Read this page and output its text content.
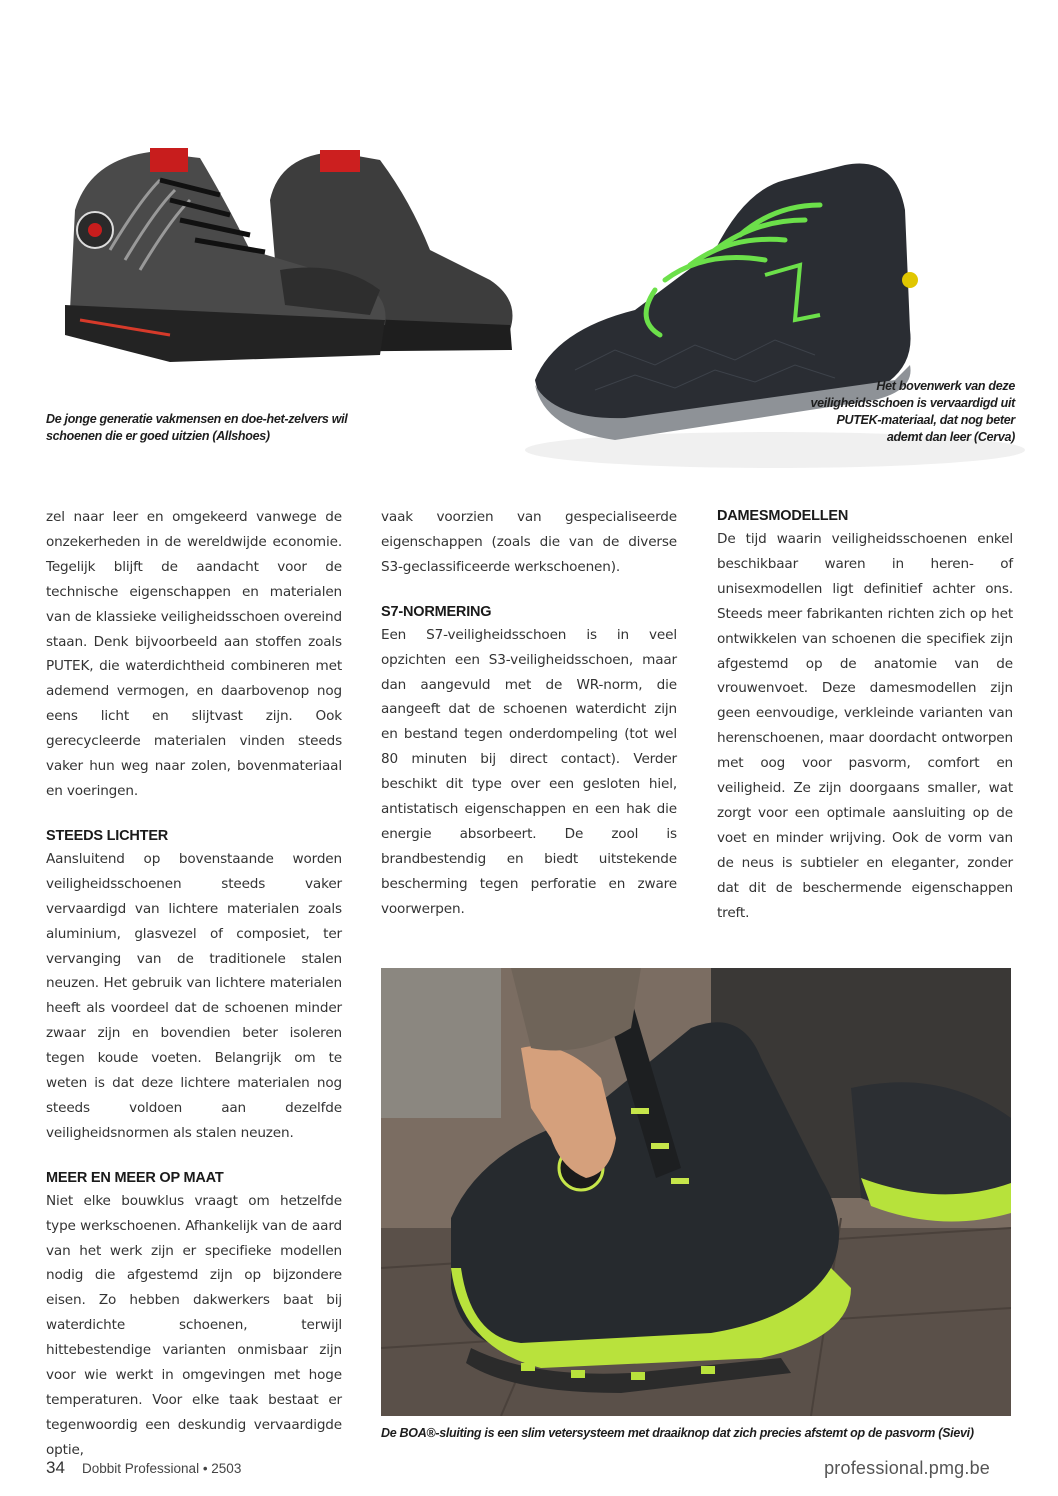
De jonge generatie vakmensen en doe-het-zelvers wil schoenen die er goed uitzien (Allshoes)
Het bovenwerk van deze veiligheidsschoen is vervaardigd uit PUTEK-materiaal, dat nog beter ademt dan leer (Cerva)

zel naar leer en omgekeerd vanwege de onzekerheden in de wereldwijde economie. Tegelijk blijft de aandacht voor de technische eigenschappen en materialen van de klassieke veiligheidsschoen overeind staan. Denk bijvoorbeeld aan stoffen zoals PUTEK, die waterdichtheid combineren met ademend vermogen, en daarbovenop nog eens licht en slijtvast zijn. Ook gerecycleerde materialen vinden steeds vaker hun weg naar zolen, bovenmateriaal en voeringen.

STEEDS LICHTER

Aansluitend op bovenstaande worden veiligheidsschoenen steeds vaker vervaardigd van lichtere materialen zoals aluminium, glasvezel of composiet, ter vervanging van de traditionele stalen neuzen. Het gebruik van lichtere materialen heeft als voordeel dat de schoenen minder zwaar zijn en bovendien beter isoleren tegen koude voeten. Belangrijk om te weten is dat deze lichtere materialen nog steeds voldoen aan dezelfde veiligheidsnormen als stalen neuzen.

MEER EN MEER OP MAAT

Niet elke bouwklus vraagt om hetzelfde type werkschoenen. Afhankelijk van de aard van het werk zijn er specifieke modellen nodig die afgestemd zijn op bijzondere eisen. Zo hebben dakwerkers baat bij waterdichte schoenen, terwijl hittebestendige varianten onmisbaar zijn voor wie werkt in omgevingen met hoge temperaturen. Voor elke taak bestaat er tegenwoordig een deskundig vervaardigde optie,

vaak voorzien van gespecialiseerde eigenschappen (zoals die van de diverse S3-geclassificeerde werkschoenen).

S7-NORMERING

Een S7-veiligheidsschoen is in veel opzichten een S3-veiligheidsschoen, maar dan aangevuld met de WR-norm, die aangeeft dat de schoenen waterdicht zijn en bestand tegen onderdompeling (tot wel 80 minuten bij direct contact). Verder beschikt dit type over een gesloten hiel, antistatisch eigenschappen en een hak die energie absorbeert. De zool is brandbestendig en biedt uitstekende bescherming tegen perforatie en zware voorwerpen.

DAMESMODELLEN

De tijd waarin veiligheidsschoenen enkel beschikbaar waren in heren- of unisexmodellen ligt definitief achter ons. Steeds meer fabrikanten richten zich op het ontwikkelen van schoenen die specifiek zijn afgestemd op de anatomie van de vrouwenvoet. Deze damesmodellen zijn geen eenvoudige, verkleinde varianten van herenschoenen, maar doordacht ontworpen met oog voor pasvorm, comfort en veiligheid. Ze zijn doorgaans smaller, wat zorgt voor een optimale aansluiting op de voet en minder wrijving. Ook de vorm van de neus is subtieler en eleganter, zonder dat dit de beschermende eigenschappen treft.

De BOA®-sluiting is een slim vetersysteem met draaiknop dat zich precies afstemt op de pasvorm (Sievi)
34 Dobbit Professional • 2503	professional.pmg.be
